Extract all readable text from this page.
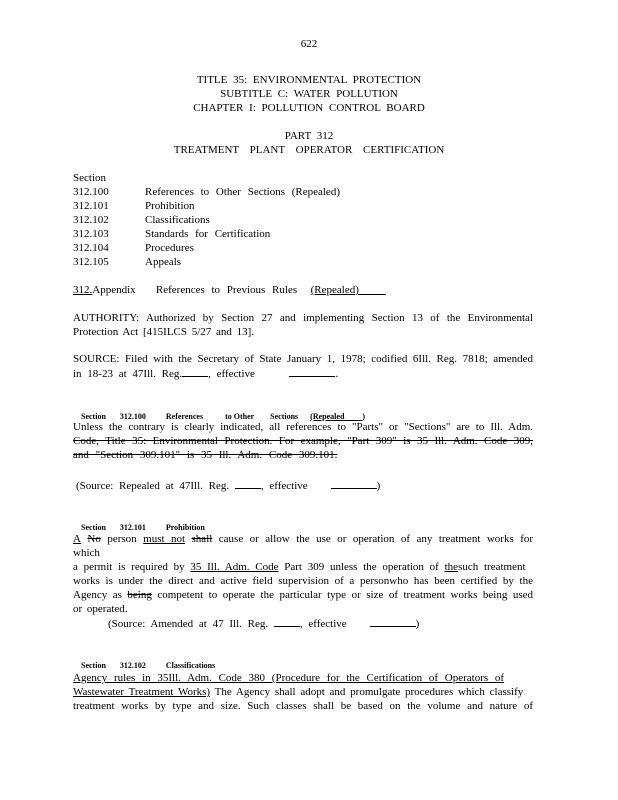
622
TITLE 35: ENVIRONMENTAL PROTECTION
SUBTITLE C: WATER POLLUTION
CHAPTER I: POLLUTION CONTROL BOARD
PART 312
TREATMENT PLANT OPERATOR CERTIFICATION
Section
312.100	References to Other Sections (Repealed)
312.101	Prohibition
312.102	Classifications
312.103	Standards for Certification
312.104	Procedures
312.105	Appeals
312.Appendix References to Previous Rules (Repealed)
AUTHORITY: Authorized by Section 27 and implementing Section 13 of the Environmental
Protection Act [415ILCS 5/27 and 13].
SOURCE: Filed with the Secretary of State January 1, 1978; codified 6Ill. Reg. 7818; amended
in 18-23 at 47Ill. Reg. , effective	.

Section 312.100	References	to Other Sections (Repealed )

Unless the contrary is clearly indicated, all references to "Parts" or "Sections" are to Ill. Adm.
Code, Title 35: Environmental Protection. For example, "Part 309" is 35 Ill. Adm. Code 309,
and "Section 309.101" is 35 Ill. Adm. Code 309.101.
(Source: Repealed at 47Ill. Reg.	, effective	)

Section 312.101	Prohibition

A No person must not shall cause or allow the use or operation of any treatment works for which
a permit is required by 35 Ill. Adm. Code Part 309 unless the operation of thesuch treatment
works is under the direct and active field supervision of a personwho has been certified by the
Agency as being competent to operate the particular type or size of treatment works being used
or operated.
(Source: Amended at 47 Ill. Reg.	, effective	)

Section 312.102	Classifications

Agency rules in 35Ill. Adm. Code 380 (Procedure for the Certification of Operators of
Wastewater Treatment Works) The Agency shall adopt and promulgate procedures which classify
treatment works by type and size. Such classes shall be based on the volume and nature of
